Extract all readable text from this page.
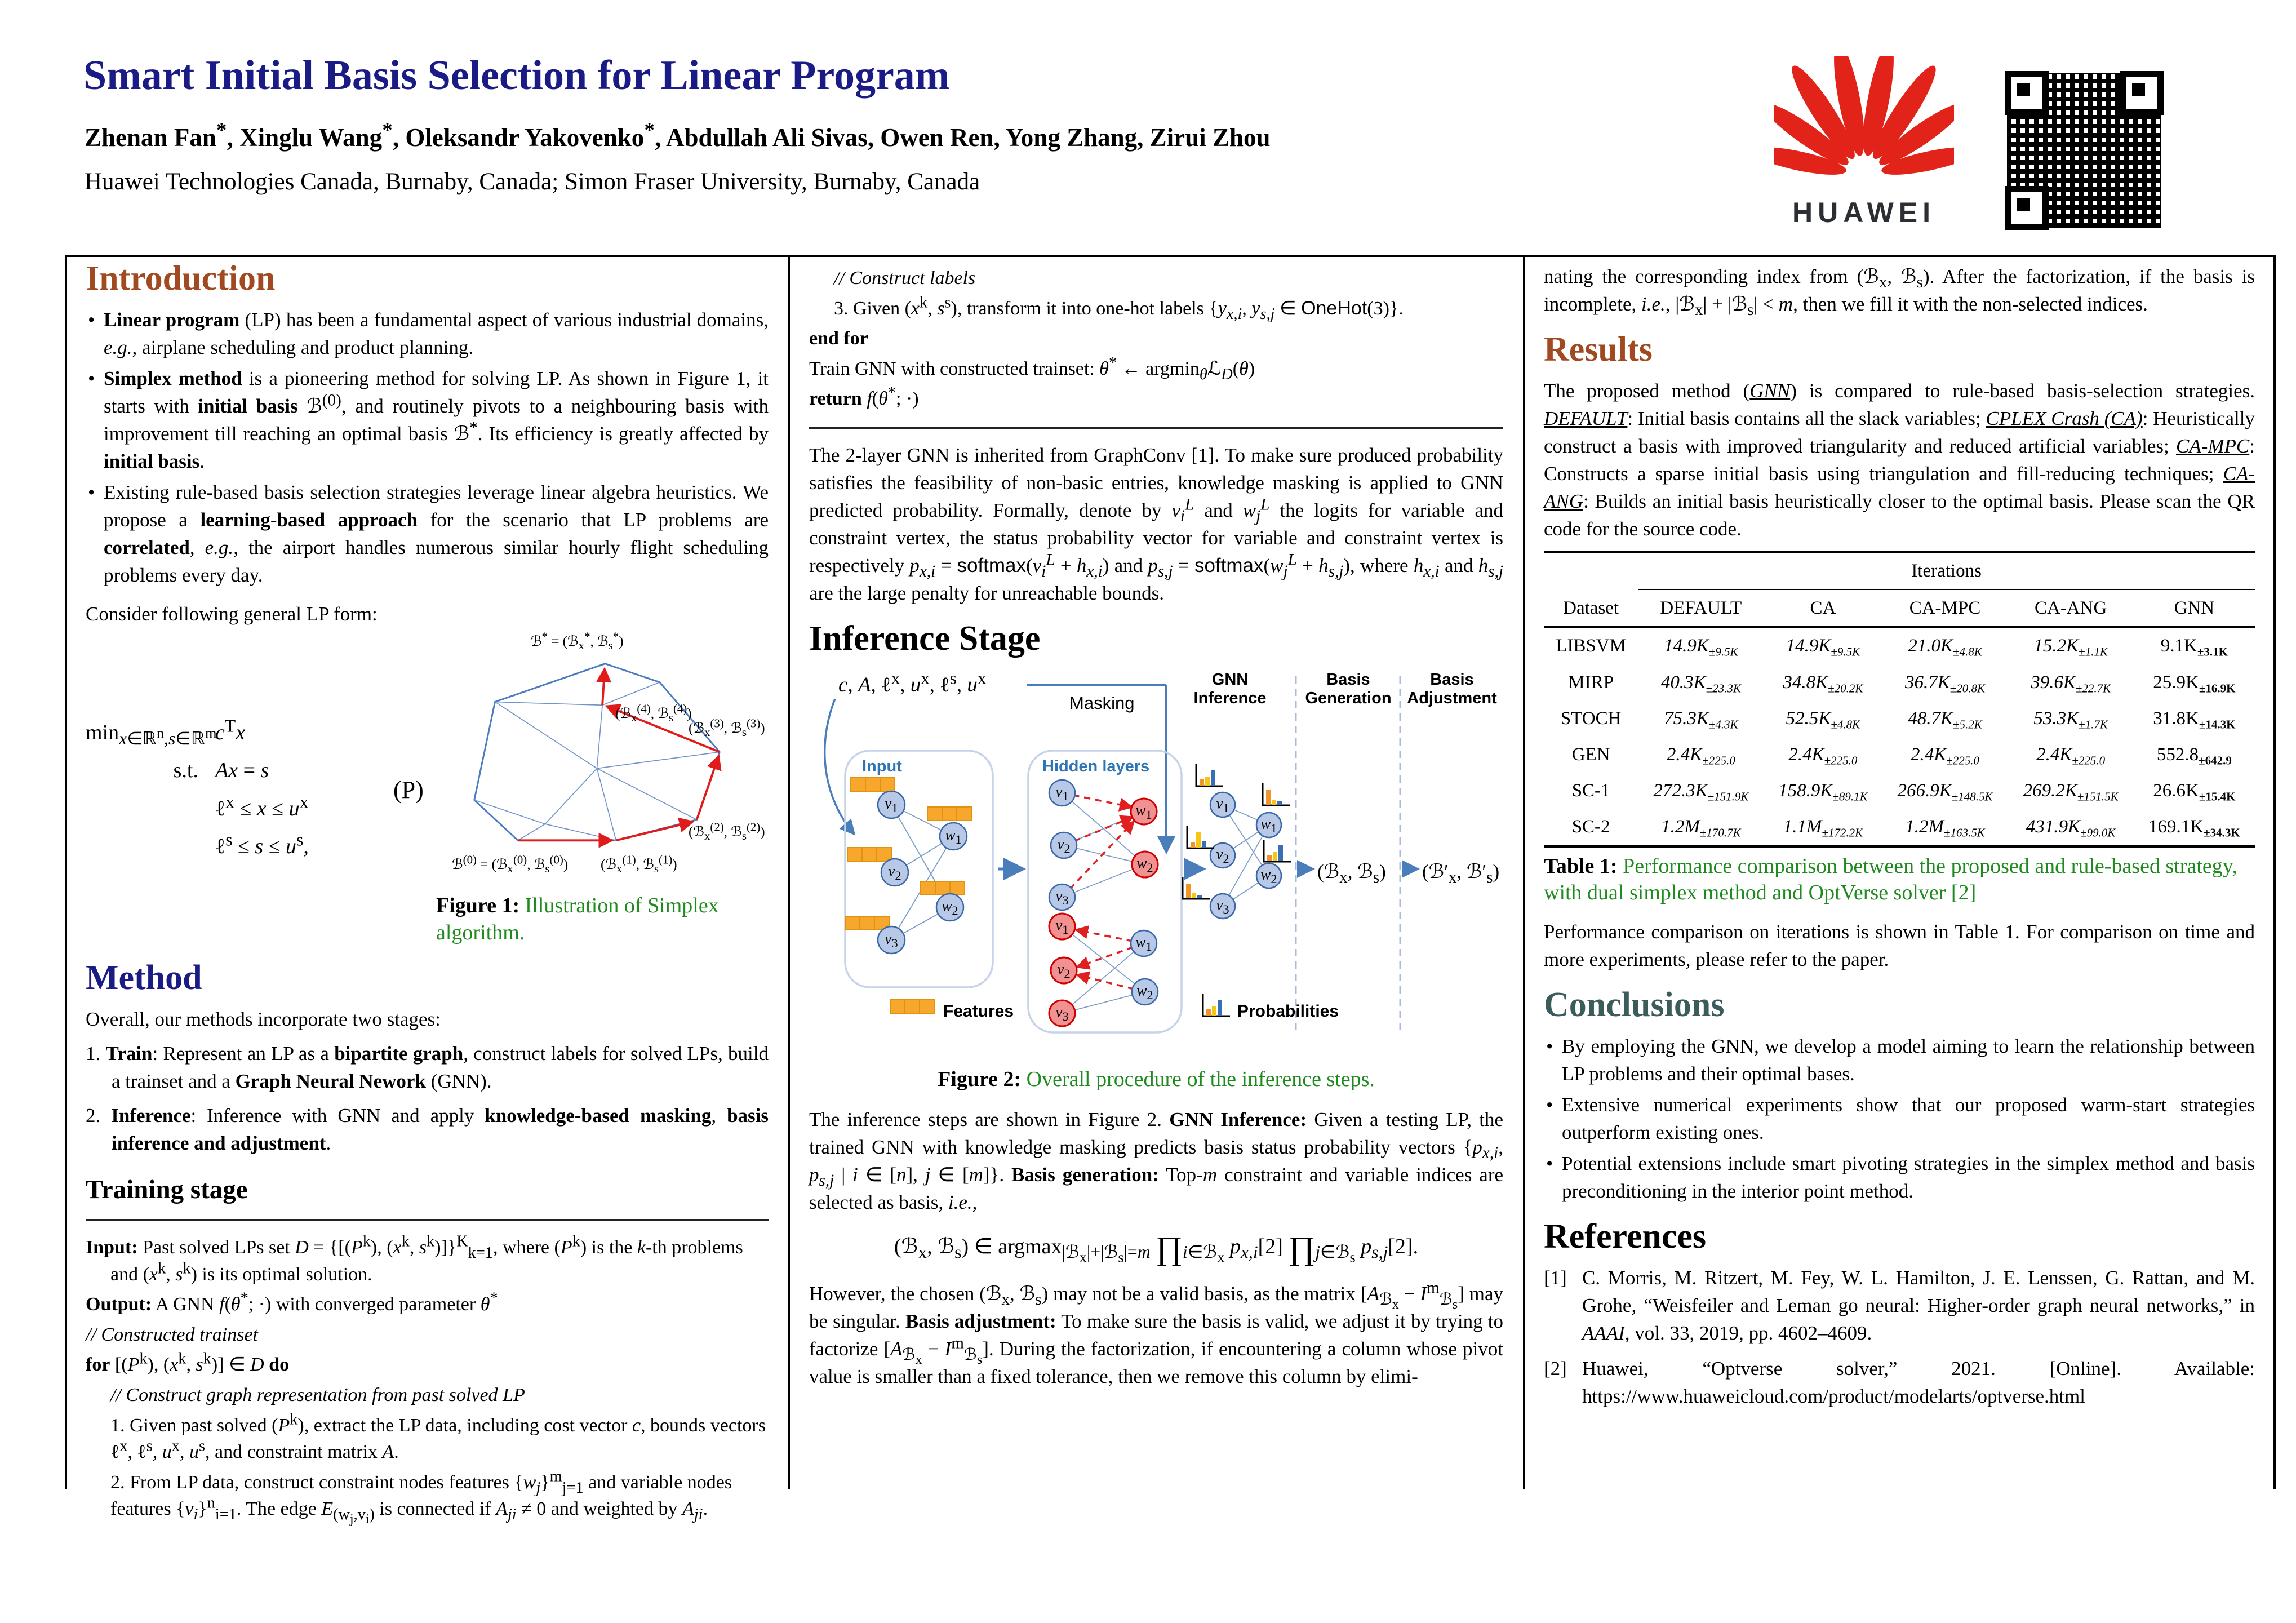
Smart Initial Basis Selection for Linear Program
Zhenan Fan*, Xinglu Wang*, Oleksandr Yakovenko*, Abdullah Ali Sivas, Owen Ren, Yong Zhang, Zirui Zhou
Huawei Technologies Canada, Burnaby, Canada; Simon Fraser University, Burnaby, Canada
HUAWEI
Introduction
• Linear program (LP) has been a fundamental aspect of various industrial domains, e.g., airplane scheduling and product planning.
• Simplex method is a pioneering method for solving LP. As shown in Figure 1, it starts with initial basis ℬ$^{(0)}$, and routinely pivots to a neighbouring basis with improvement till reaching an optimal basis ℬ*. Its efficiency is greatly affected by initial basis.
• Existing rule-based basis selection strategies leverage linear algebra heuristics. We propose a learning-based approach for the scenario that LP problems are correlated, e.g., the airport handles numerous similar hourly flight scheduling problems every day.
Consider following general LP form:
$\min_{x\in ℝ^n,s\in ℝ^m}$
$c^Tx$
s.t. Ax = s
ℓ$^x$ ≤ $x \le u^x$
ℓ$^s$ ≤ $s \le u^s$,
(P)
ℬ* = (ℬ$_x$*, ℬ$_s$*)
(ℬ$_x^{(4)}$, ℬ$_s^{(4)}$)
(ℬ$_x^{(3)}$, ℬ$_s^{(3)}$)
(ℬ$_x^{(2)}$, ℬ$_s^{(2)}$)
(ℬ$_x^{(1)}$, ℬ$_s^{(1)}$)
ℬ$^{(0)}$ = (ℬ$_x^{(0)}$, ℬ$_s^{(0)}$)
Figure 1: Illustration of Simplex algorithm.
Method
Overall, our methods incorporate two stages:
1. Train: Represent an LP as a bipartite graph, construct labels for solved LPs, build a trainset and a Graph Neural Nework (GNN).
2. Inference: Inference with GNN and apply knowledge-based masking, basis inference and adjustment.
Training stage
Input: Past solved LPs set $D = \{[(P^k)$, ($x^k$, $s^k)]\}^K_{k=1}$, where $(P^k)$ is the k-th problems and ($x^k$, $s^k$) is its optimal solution.
Output: A GNN f(θ*; ·) with converged parameter θ*
// Constructed trainset
for [$(P^k)$, ($x^k$, $s^k$)] ∈ D do
// Construct graph representation from past solved LP
1. Given past solved $(P^k)$, extract the LP data, including cost vector c, bounds vectors ℓ$^x$, ℓ$^s$, $u^x$, $u^s$, and constraint matrix A.
2. From LP data, construct constraint nodes features $\{w_j\}^m_{j=1}$ and variable nodes features $\{v_i\}^n_{i=1}$. The edge $E_{(w_j,v_i)}$ is connected if $A_{ji} \ne 0$ and weighted by $A_{ji}$.
// Construct labels
3. Given ($x^k$, $s^s$), transform it into one-hot labels {$y_{x,i}$, $y_{s,j}$ ∈ OneHot(3)}.
end for
Train GNN with constructed trainset: θ* ← argmin$_\theta$ℒ$_D$(θ)
return f(θ*; ·)
The 2-layer GNN is inherited from GraphConv [1]. To make sure produced probability satisfies the feasibility of non-basic entries, knowledge masking is applied to GNN predicted probability. Formally, denote by $v_i^L$ and $w_j^L$ the logits for variable and constraint vertex, the status probability vector for variable and constraint vertex is respectively $p_{x,i}$ = $softmax(v_i^L + h_{x,i})$ and $p_{s,j}$ = $softmax(w_j^L + h_{s,j})$, where $h_{x,i}$ and $h_{s,j}$ are the large penalty for unreachable bounds.
Inference Stage
c, A, ℓ$^x$, $u^x$, ℓ$^s$, $u^x$
Masking
GNN Inference
Basis Generation
Basis Adjustment
Input	Hidden layers
$v_1$
$v_2$
$v_3$
$w_1$
$w_2$
$v_1$
$v_2$
$v_3$
$w_1$
$w_2$
$v_1$
$v_2$
$v_3$
$w_1$
$w_2$
$v_1$
$v_2$
$v_3$
$w_1$
$w_2$ (ℬ$_x$, ℬ$_s$) ($ℬ'_x$, $ℬ'_s$)
Features	Probabilities
Figure 2: Overall procedure of the inference steps.
The inference steps are shown in Figure 2. GNN Inference: Given a testing LP, the trained GNN with knowledge masking predicts basis status probability vectors {$p_{x,i}$, $p_{s,j}$ | i ∈ [n], j ∈ [m]}. Basis generation: Top-m constraint and variable indices are selected as basis, i.e.,
(ℬ$_x$, ℬ$_s$) ∈ argmax$_{|ℬ_x|+|ℬ_s|=m}$ $\prod_{i\in ℬ_x}$ $p_{x,i}[2]$ $\prod_{j\in ℬ_s}$ $p_{s,j}[2]$.
However, the chosen (ℬ$_x$, ℬ$_s$) may not be a valid basis, as the matrix $[A_{ℬ_x} - I^m_{ℬ_s}]$ may be singular. Basis adjustment: To make sure the basis is valid, we adjust it by trying to factorize $[A_{ℬ_x} - I^m_{ℬ_s}]$. During the factorization, if encountering a column whose pivot value is smaller than a fixed tolerance, then we remove this column by elimi-
nating the corresponding index from (ℬ$_x$, ℬ$_s$). After the factorization, if the basis is incomplete, i.e., |ℬ$_x$| + |ℬ$_s$| < m, then we fill it with the non-selected indices.
Results
The proposed method (GNN) is compared to rule-based basis-selection strategies. DEFAULT: Initial basis contains all the slack variables; CPLEX Crash (CA): Heuristically construct a basis with improved triangularity and reduced artificial variables; CA-MPC: Constructs a sparse initial basis using triangulation and fill-reducing techniques; CA-ANG: Builds an initial basis heuristically closer to the optimal basis. Please scan the QR code for the source code.
	Iterations				
Dataset	DEFAULT	CA	CA-MPC	CA-ANG	GNN
LIBSVM	$14.9K_{\pm 9.5K}$	$14.9K_{\pm 9.5K}$	$21.0K_{\pm 4.8K}$	$15.2K_{\pm 1.1K}$	$9.1K_{\pm 3.1K}$
MIRP	$40.3K_{\pm 23.3K}$	$34.8K_{\pm 20.2K}$	$36.7K_{\pm 20.8K}$	$39.6K_{\pm 22.7K}$	$25.9K_{\pm 16.9K}$
STOCH	$75.3K_{\pm 4.3K}$	$52.5K_{\pm 4.8K}$	$48.7K_{\pm 5.2K}$	$53.3K_{\pm 1.7K}$	$31.8K_{\pm 14.3K}$
GEN	$2.4K_{\pm 225.0}$	$2.4K_{\pm 225.0}$	$2.4K_{\pm 225.0}$	$2.4K_{\pm 225.0}$	$552.8_{\pm 642.9}$
SC-1	$272.3K_{\pm 151.9K}$	$158.9K_{\pm 89.1K}$	$266.9K_{\pm 148.5K}$	$269.2K_{\pm 151.5K}$	$26.6K_{\pm 15.4K}$
SC-2	$1.2M_{\pm 170.7K}$	$1.1M_{\pm 172.2K}$	$1.2M_{\pm 163.5K}$	$431.9K_{\pm 99.0K}$	$169.1K_{\pm 34.3K}$
Table 1: Performance comparison between the proposed and rule-based strategy, with dual simplex method and OptVerse solver [2]
Performance comparison on iterations is shown in Table 1. For comparison on time and more experiments, please refer to the paper.
Conclusions
• By employing the GNN, we develop a model aiming to learn the relationship between LP problems and their optimal bases.
• Extensive numerical experiments show that our proposed warm-start strategies outperform existing ones.
• Potential extensions include smart pivoting strategies in the simplex method and basis preconditioning in the interior point method.
References
[1] C. Morris, M. Ritzert, M. Fey, W. L. Hamilton, J. E. Lenssen, G. Rattan, and M. Grohe, “Weisfeiler and Leman go neural: Higher-order graph neural networks,” in AAAI, vol. 33, 2019, pp. 4602–4609.
[2] Huawei, “Optverse solver,” 2021. [Online]. Available: https://www.huaweicloud.com/product/modelarts/optverse.html
